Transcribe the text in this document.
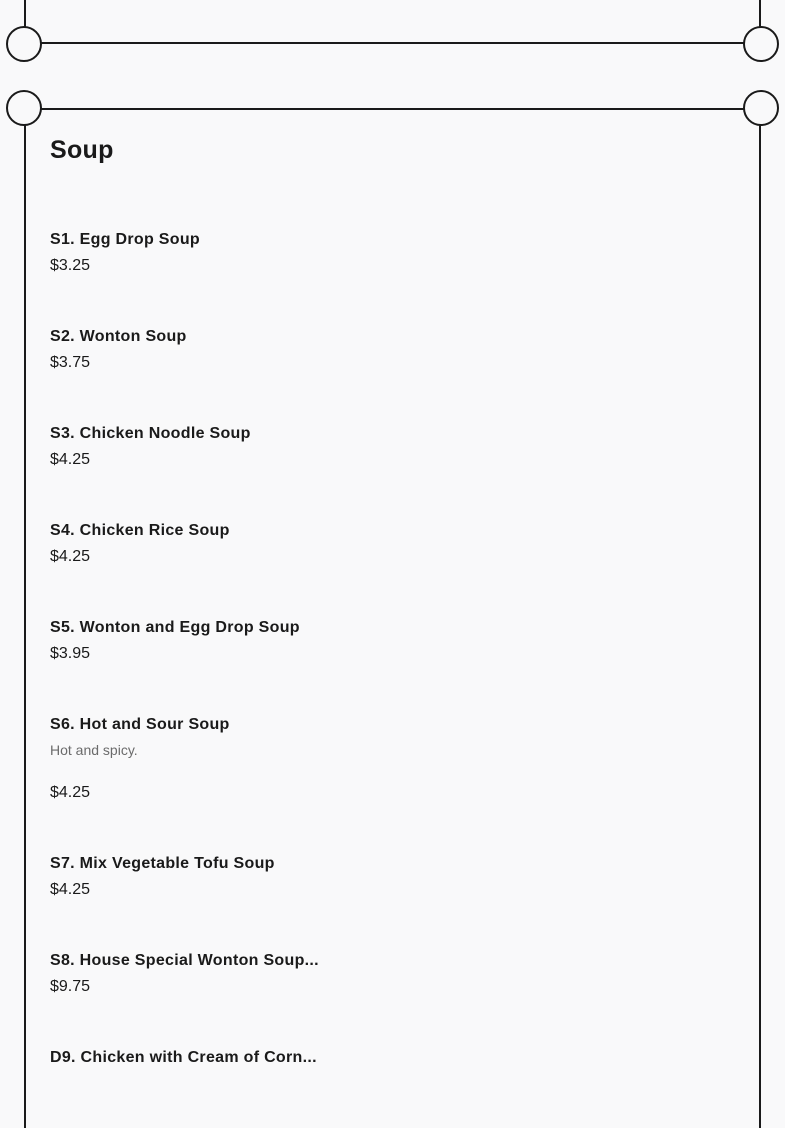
Soup
S1. Egg Drop Soup
$3.25
S2. Wonton Soup
$3.75
S3. Chicken Noodle Soup
$4.25
S4. Chicken Rice Soup
$4.25
S5. Wonton and Egg Drop Soup
$3.95
S6. Hot and Sour Soup
Hot and spicy.
$4.25
S7. Mix Vegetable Tofu Soup
$4.25
S8. House Special Wonton Soup...
$9.75
D9. Chicken with Cream of Corn...
